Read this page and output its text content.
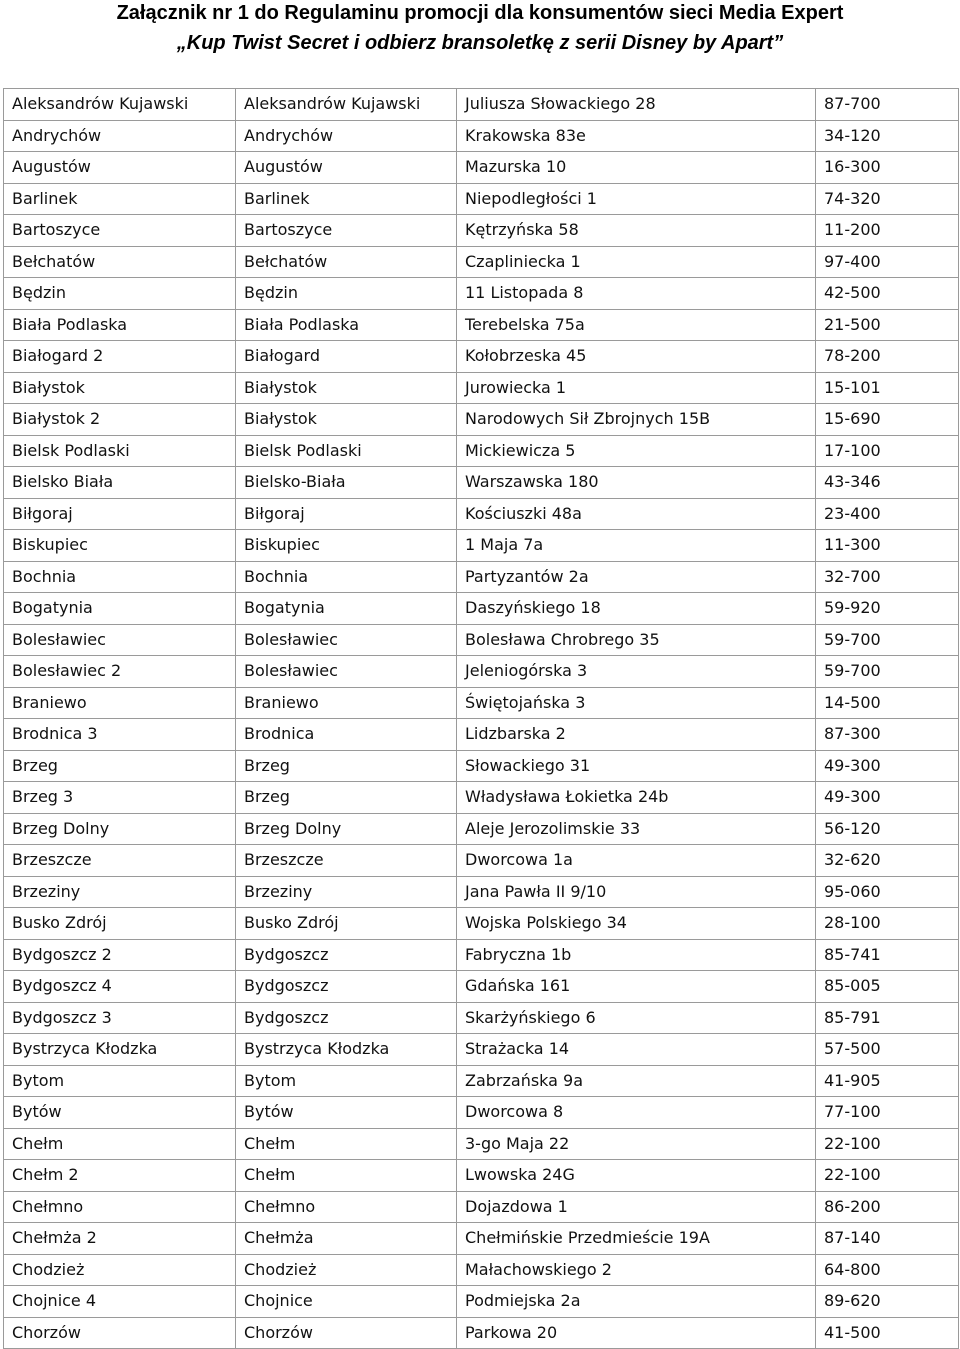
Załącznik nr 1 do Regulaminu promocji dla konsumentów sieci Media Expert
„Kup Twist Secret i odbierz bransoletkę z serii Disney by Apart”
Aleksandrów Kujawski	Aleksandrów Kujawski	Juliusza Słowackiego 28	87-700
Andrychów	Andrychów	Krakowska 83e	34-120
Augustów	Augustów	Mazurska 10	16-300
Barlinek	Barlinek	Niepodległości 1	74-320
Bartoszyce	Bartoszyce	Kętrzyńska 58	11-200
Bełchatów	Bełchatów	Czapliniecka 1	97-400
Będzin	Będzin	11 Listopada 8	42-500
Biała Podlaska	Biała Podlaska	Terebelska 75a	21-500
Białogard 2	Białogard	Kołobrzeska 45	78-200
Białystok	Białystok	Jurowiecka 1	15-101
Białystok 2	Białystok	Narodowych Sił Zbrojnych 15B	15-690
Bielsk Podlaski	Bielsk Podlaski	Mickiewicza 5	17-100
Bielsko Biała	Bielsko-Biała	Warszawska 180	43-346
Biłgoraj	Biłgoraj	Kościuszki 48a	23-400
Biskupiec	Biskupiec	1 Maja 7a	11-300
Bochnia	Bochnia	Partyzantów 2a	32-700
Bogatynia	Bogatynia	Daszyńskiego 18	59-920
Bolesławiec	Bolesławiec	Bolesława Chrobrego 35	59-700
Bolesławiec 2	Bolesławiec	Jeleniogórska 3	59-700
Braniewo	Braniewo	Świętojańska 3	14-500
Brodnica 3	Brodnica	Lidzbarska 2	87-300
Brzeg	Brzeg	Słowackiego 31	49-300
Brzeg 3	Brzeg	Władysława Łokietka 24b	49-300
Brzeg Dolny	Brzeg Dolny	Aleje Jerozolimskie 33	56-120
Brzeszcze	Brzeszcze	Dworcowa 1a	32-620
Brzeziny	Brzeziny	Jana Pawła II 9/10	95-060
Busko Zdrój	Busko Zdrój	Wojska Polskiego 34	28-100
Bydgoszcz 2	Bydgoszcz	Fabryczna 1b	85-741
Bydgoszcz 4	Bydgoszcz	Gdańska 161	85-005
Bydgoszcz 3	Bydgoszcz	Skarżyńskiego 6	85-791
Bystrzyca Kłodzka	Bystrzyca Kłodzka	Strażacka 14	57-500
Bytom	Bytom	Zabrzańska 9a	41-905
Bytów	Bytów	Dworcowa 8	77-100
Chełm	Chełm	3-go Maja 22	22-100
Chełm 2	Chełm	Lwowska 24G	22-100
Chełmno	Chełmno	Dojazdowa 1	86-200
Chełmża 2	Chełmża	Chełmińskie Przedmieście 19A	87-140
Chodzież	Chodzież	Małachowskiego 2	64-800
Chojnice 4	Chojnice	Podmiejska 2a	89-620
Chorzów	Chorzów	Parkowa 20	41-500
